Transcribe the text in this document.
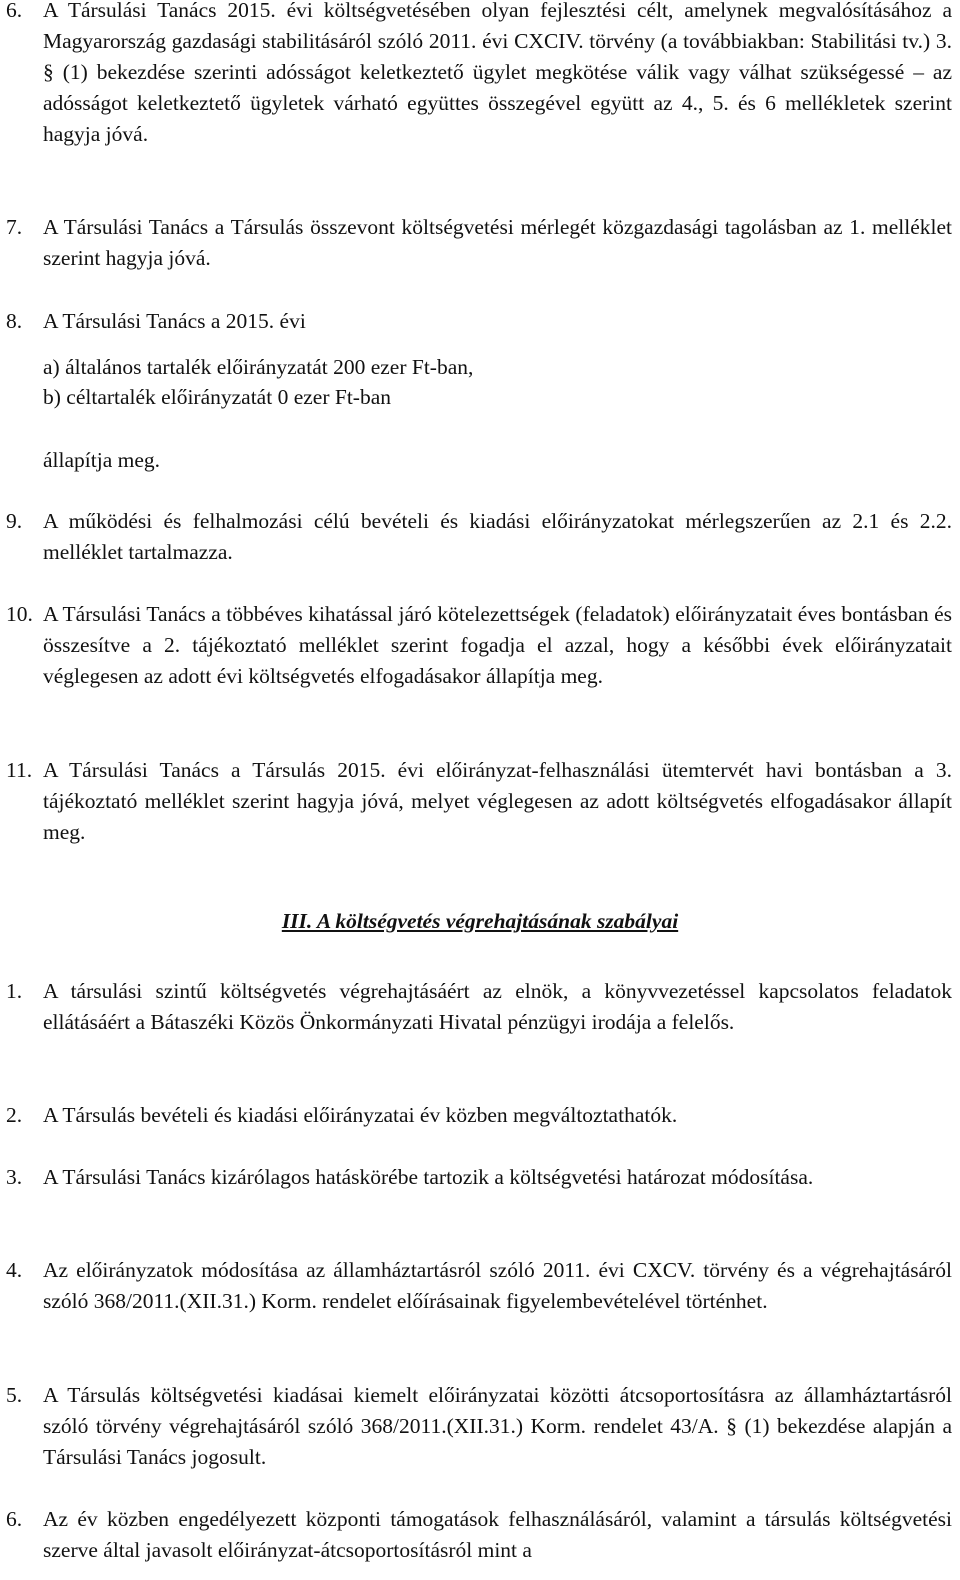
6. A Társulási Tanács 2015. évi költségvetésében olyan fejlesztési célt, amelynek megvalósításához a Magyarország gazdasági stabilitásáról szóló 2011. évi CXCIV. törvény (a továbbiakban: Stabilitási tv.) 3. § (1) bekezdése szerinti adósságot keletkeztető ügylet megkötése válik vagy válhat szükségessé – az adósságot keletkeztető ügyletek várható együttes összegével együtt az 4., 5. és 6 mellékletek szerint hagyja jóvá.
7. A Társulási Tanács a Társulás összevont költségvetési mérlegét közgazdasági tagolásban az 1. melléklet szerint hagyja jóvá.
8. A Társulási Tanács a 2015. évi
a) általános tartalék előirányzatát 200 ezer Ft-ban,
b) céltartalék előirányzatát 0 ezer Ft-ban
állapítja meg.
9. A működési és felhalmozási célú bevételi és kiadási előirányzatokat mérlegszerűen az 2.1 és 2.2. melléklet tartalmazza.
10. A Társulási Tanács a többéves kihatással járó kötelezettségek (feladatok) előirányzatait éves bontásban és összesítve a 2. tájékoztató melléklet szerint fogadja el azzal, hogy a későbbi évek előirányzatait véglegesen az adott évi költségvetés elfogadásakor állapítja meg.
11. A Társulási Tanács a Társulás 2015. évi előirányzat-felhasználási ütemtervét havi bontásban a 3. tájékoztató melléklet szerint hagyja jóvá, melyet véglegesen az adott költségvetés elfogadásakor állapít meg.
III. A költségvetés végrehajtásának szabályai
1. A társulási szintű költségvetés végrehajtásáért az elnök, a könyvvezetéssel kapcsolatos feladatok ellátásáért a Bátaszéki Közös Önkormányzati Hivatal pénzügyi irodája a felelős.
2. A Társulás bevételi és kiadási előirányzatai év közben megváltoztathatók.
3. A Társulási Tanács kizárólagos hatáskörébe tartozik a költségvetési határozat módosítása.
4. Az előirányzatok módosítása az államháztartásról szóló 2011. évi CXCV. törvény és a végrehajtásáról szóló 368/2011.(XII.31.) Korm. rendelet előírásainak figyelembevételével történhet.
5. A Társulás költségvetési kiadásai kiemelt előirányzatai közötti átcsoportosításra az államháztartásról szóló törvény végrehajtásáról szóló 368/2011.(XII.31.) Korm. rendelet 43/A. § (1) bekezdése alapján a Társulási Tanács jogosult.
6. Az év közben engedélyezett központi támogatások felhasználásáról, valamint a társulás költségvetési szerve által javasolt előirányzat-átcsoportosításról mint a
